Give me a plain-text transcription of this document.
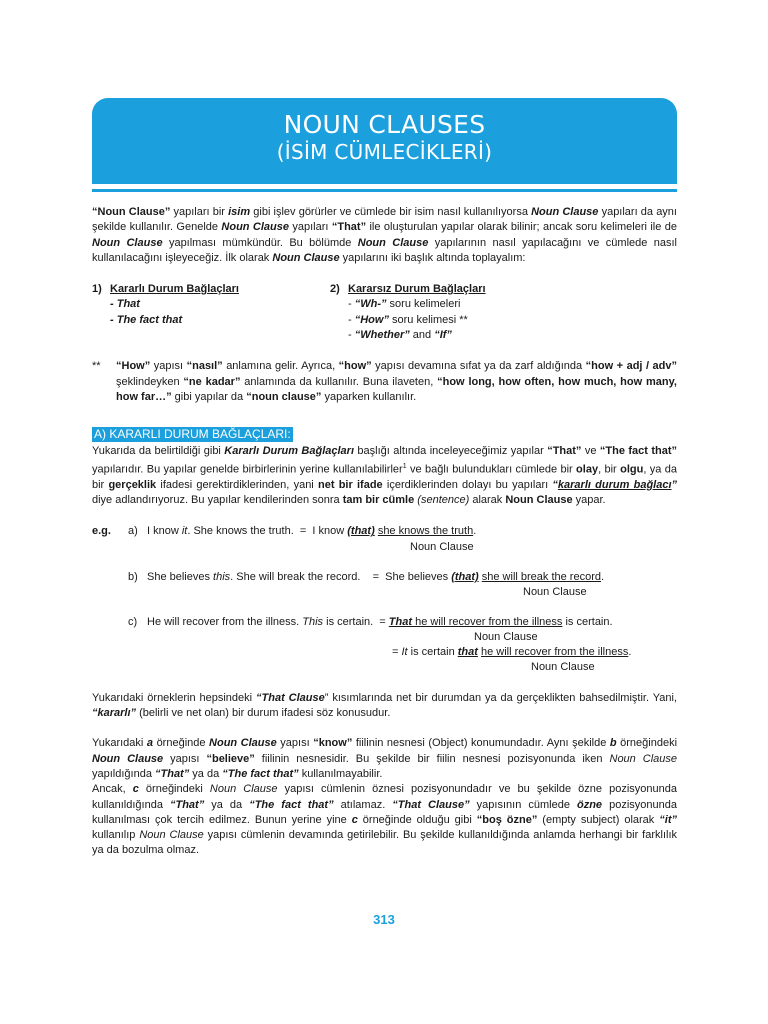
NOUN CLAUSES
(İSİM CÜMLECİKLERİ)

“Noun Clause” yapıları bir isim gibi işlev görürler ve cümlede bir isim nasıl kullanılıyorsa Noun Clause yapıları da aynı şekilde kullanılır. Genelde Noun Clause yapıları “That” ile oluşturulan yapılar olarak bilinir; ancak soru kelimeleri ile de Noun Clause yapılması mümkündür. Bu bölümde Noun Clause yapılarının nasıl yapılacağını ve cümlede nasıl kullanılacağını işleyeceğiz. İlk olarak Noun Clause yapılarını iki başlık altında toplayalım:

1) Kararlı Durum Bağlaçları
- That
- The fact that
2) Kararsız Durum Bağlaçları
- “Wh-” soru kelimeleri
- “How” soru kelimesi **
- “Whether” and “If”
**	“How” yapısı “nasıl” anlamına gelir. Ayrıca, “how” yapısı devamına sıfat ya da zarf aldığında “how + adj / adv” şeklindeyken “ne kadar” anlamında da kullanılır. Buna ilaveten, “how long, how often, how much, how many, how far…” gibi yapılar da “noun clause” yaparken kullanılır.
A) KARARLI DURUM BAĞLAÇLARI:

Yukarıda da belirtildiği gibi Kararlı Durum Bağlaçları başlığı altında inceleyeceğimiz yapılar “That” ve “The fact that” yapılarıdır. Bu yapılar genelde birbirlerinin yerine kullanılabilirler$^1$ ve bağlı bulundukları cümlede bir olay, bir olgu, ya da bir gerçeklik ifadesi gerektirdiklerinden, yani net bir ifade içerdiklerinden dolayı bu yapıları “kararlı durum bağlacı” diye adlandırıyoruz. Bu yapılar kendilerinden sonra tam bir cümle (sentence) alarak Noun Clause yapar.

e.g.	a) I know it. She knows the truth.  =  I know (that) she knows the truth.
Noun Clause
b) She believes this. She will break the record.    =  She believes (that) she will break the record.
Noun Clause
c) He will recover from the illness. This is certain.  = That he will recover from the illness is certain.
Noun Clause
= It is certain that he will recover from the illness.
Noun Clause

Yukarıdaki örneklerin hepsindeki “That Clause” kısımlarında net bir durumdan ya da gerçeklikten bahsedilmiştir. Yani, “kararlı” (belirli ve net olan) bir durum ifadesi söz konusudur.

Yukarıdaki a örneğinde Noun Clause yapısı “know” fiilinin nesnesi (Object) konumundadır. Aynı şekilde b örneğindeki Noun Clause yapısı “believe” fiilinin nesnesidir. Bu şekilde bir fiilin nesnesi pozisyonunda iken Noun Clause yapıldığında “That” ya da “The fact that” kullanılmayabilir.

Ancak, c örneğindeki Noun Clause yapısı cümlenin öznesi pozisyonundadır ve bu şekilde özne pozisyonunda kullanıldığında “That” ya da “The fact that” atılamaz. “That Clause” yapısının cümlede özne pozisyonunda kullanılması çok tercih edilmez. Bunun yerine yine c örneğinde olduğu gibi “boş özne” (empty subject) olarak “it” kullanılıp Noun Clause yapısı cümlenin devamında getirilebilir. Bu şekilde kullanıldığında anlamda herhangi bir farklılık ya da bozulma olmaz.

313
